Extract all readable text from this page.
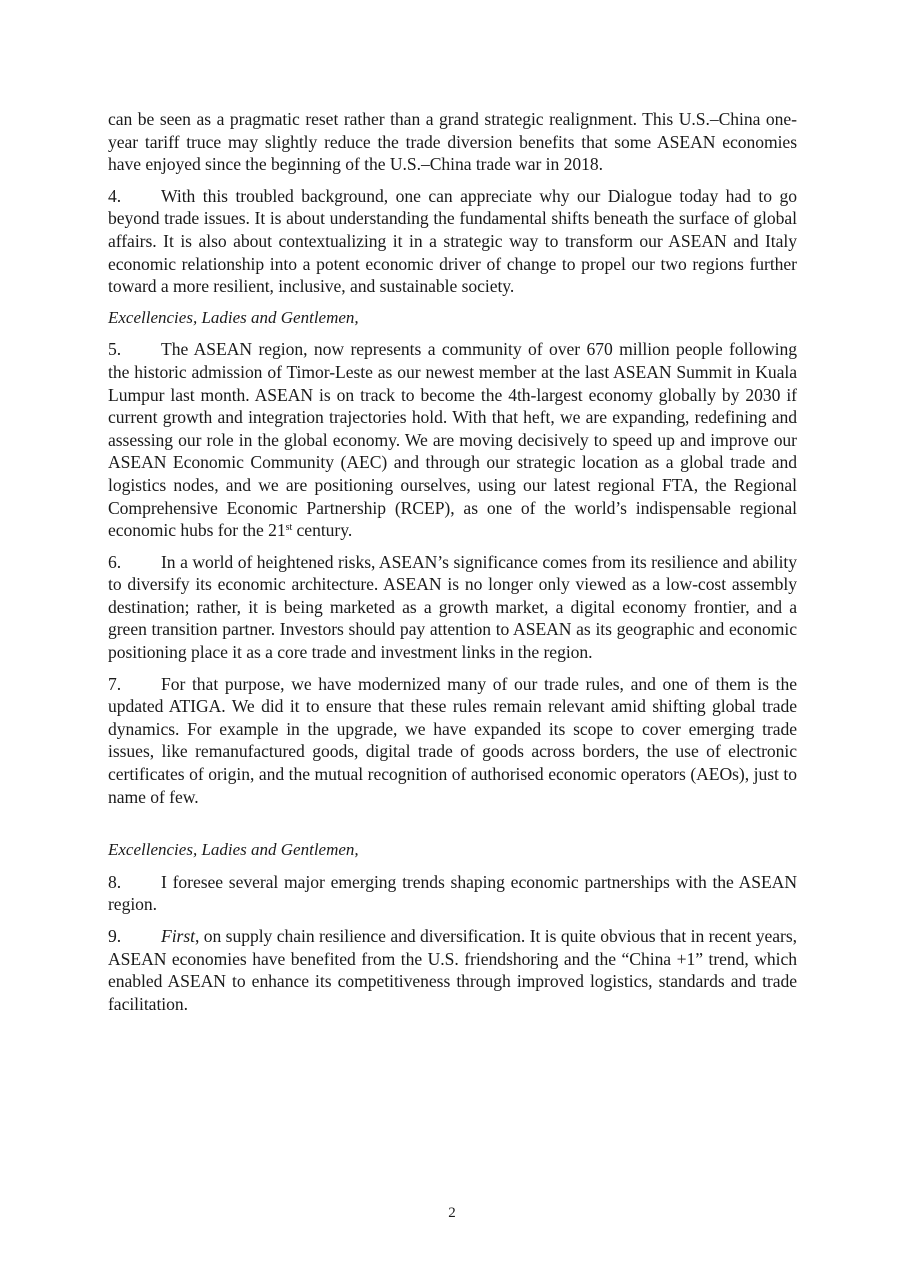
can be seen as a pragmatic reset rather than a grand strategic realignment. This U.S.–China one-year tariff truce may slightly reduce the trade diversion benefits that some ASEAN economies have enjoyed since the beginning of the U.S.–China trade war in 2018.

4. With this troubled background, one can appreciate why our Dialogue today had to go beyond trade issues. It is about understanding the fundamental shifts beneath the surface of global affairs. It is also about contextualizing it in a strategic way to transform our ASEAN and Italy economic relationship into a potent economic driver of change to propel our two regions further toward a more resilient, inclusive, and sustainable society.

Excellencies, Ladies and Gentlemen,

5. The ASEAN region, now represents a community of over 670 million people following the historic admission of Timor-Leste as our newest member at the last ASEAN Summit in Kuala Lumpur last month. ASEAN is on track to become the 4th-largest economy globally by 2030 if current growth and integration trajectories hold. With that heft, we are expanding, redefining and assessing our role in the global economy. We are moving decisively to speed up and improve our ASEAN Economic Community (AEC) and through our strategic location as a global trade and logistics nodes, and we are positioning ourselves, using our latest regional FTA, the Regional Comprehensive Economic Partnership (RCEP), as one of the world’s indispensable regional economic hubs for the 21st century.

6. In a world of heightened risks, ASEAN’s significance comes from its resilience and ability to diversify its economic architecture. ASEAN is no longer only viewed as a low-cost assembly destination; rather, it is being marketed as a growth market, a digital economy frontier, and a green transition partner. Investors should pay attention to ASEAN as its geographic and economic positioning place it as a core trade and investment links in the region.

7. For that purpose, we have modernized many of our trade rules, and one of them is the updated ATIGA. We did it to ensure that these rules remain relevant amid shifting global trade dynamics. For example in the upgrade, we have expanded its scope to cover emerging trade issues, like remanufactured goods, digital trade of goods across borders, the use of electronic certificates of origin, and the mutual recognition of authorised economic operators (AEOs), just to name of few.

Excellencies, Ladies and Gentlemen,

8. I foresee several major emerging trends shaping economic partnerships with the ASEAN region.

9. First, on supply chain resilience and diversification. It is quite obvious that in recent years, ASEAN economies have benefited from the U.S. friendshoring and the “China +1” trend, which enabled ASEAN to enhance its competitiveness through improved logistics, standards and trade facilitation.

2
